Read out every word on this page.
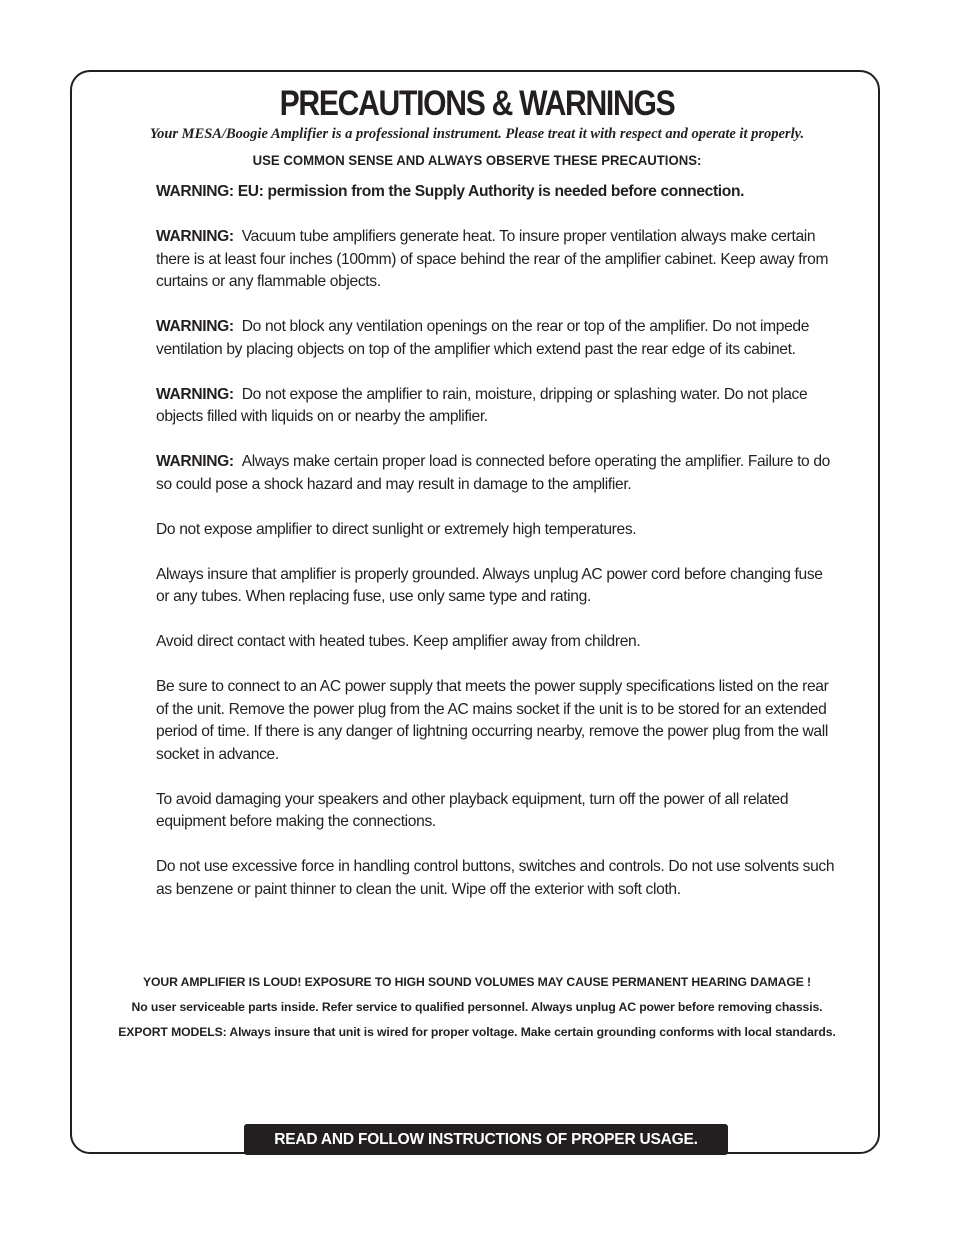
PRECAUTIONS & WARNINGS

Your MESA/Boogie Amplifier is a professional instrument. Please treat it with respect and operate it properly.

USE COMMON SENSE AND ALWAYS OBSERVE THESE PRECAUTIONS:

WARNING: EU: permission from the Supply Authority is needed before connection.

WARNING: Vacuum tube amplifiers generate heat. To insure proper ventilation always make certain there is at least four inches (100mm) of space behind the rear of the amplifier cabinet. Keep away from curtains or any flammable objects.

WARNING: Do not block any ventilation openings on the rear or top of the amplifier. Do not impede ventilation by placing objects on top of the amplifier which extend past the rear edge of its cabinet.

WARNING: Do not expose the amplifier to rain, moisture, dripping or splashing water. Do not place objects filled with liquids on or nearby the amplifier.

WARNING: Always make certain proper load is connected before operating the amplifier. Failure to do so could pose a shock hazard and may result in damage to the amplifier.

Do not expose amplifier to direct sunlight or extremely high temperatures.

Always insure that amplifier is properly grounded. Always unplug AC power cord before changing fuse or any tubes. When replacing fuse, use only same type and rating.

Avoid direct contact with heated tubes. Keep amplifier away from children.

Be sure to connect to an AC power supply that meets the power supply specifications listed on the rear of the unit. Remove the power plug from the AC mains socket if the unit is to be stored for an extended period of time. If there is any danger of lightning occurring nearby, remove the power plug from the wall socket in advance.

To avoid damaging your speakers and other playback equipment, turn off the power of all related equipment before making the connections.

Do not use excessive force in handling control buttons, switches and controls. Do not use solvents such as benzene or paint thinner to clean the unit. Wipe off the exterior with soft cloth.

YOUR AMPLIFIER IS LOUD! EXPOSURE TO HIGH SOUND VOLUMES MAY CAUSE PERMANENT HEARING DAMAGE !

No user serviceable parts inside. Refer service to qualified personnel. Always unplug AC power before removing chassis.

EXPORT MODELS: Always insure that unit is wired for proper voltage. Make certain grounding conforms with local standards.

READ AND FOLLOW INSTRUCTIONS OF PROPER USAGE.
